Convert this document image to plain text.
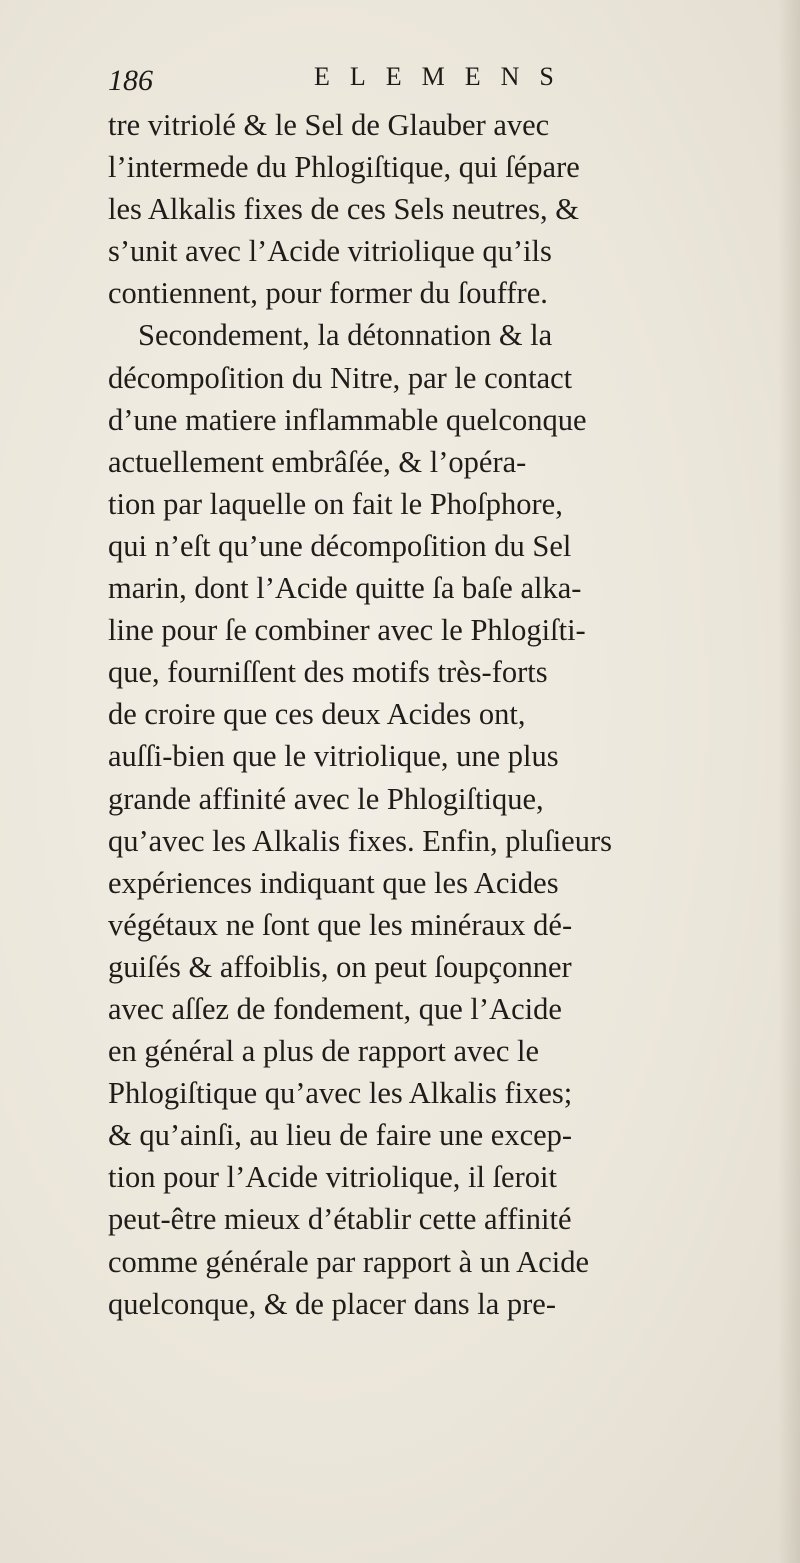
186	ELEMENS
tre vitriolé & le Sel de Glauber avec
l’intermede du Phlogiſtique, qui ſépare
les Alkalis fixes de ces Sels neutres, &
s’unit avec l’Acide vitriolique qu’ils
contiennent, pour former du ſouffre.
Secondement, la détonnation & la
décompoſition du Nitre, par le contact
d’une matiere inflammable quelconque
actuellement embrâſée, & l’opéra-
tion par laquelle on fait le Phoſphore,
qui n’eſt qu’une décompoſition du Sel
marin, dont l’Acide quitte ſa baſe alka-
line pour ſe combiner avec le Phlogiſti-
que, fourniſſent des motifs très-forts
de croire que ces deux Acides ont,
auſſi-bien que le vitriolique, une plus
grande affinité avec le Phlogiſtique,
qu’avec les Alkalis fixes. Enfin, pluſieurs
expériences indiquant que les Acides
végétaux ne ſont que les minéraux dé-
guiſés & affoiblis, on peut ſoupçonner
avec aſſez de fondement, que l’Acide
en général a plus de rapport avec le
Phlogiſtique qu’avec les Alkalis fixes;
& qu’ainſi, au lieu de faire une excep-
tion pour l’Acide vitriolique, il ſeroit
peut-être mieux d’établir cette affinité
comme générale par rapport à un Acide
quelconque, & de placer dans la pre-
